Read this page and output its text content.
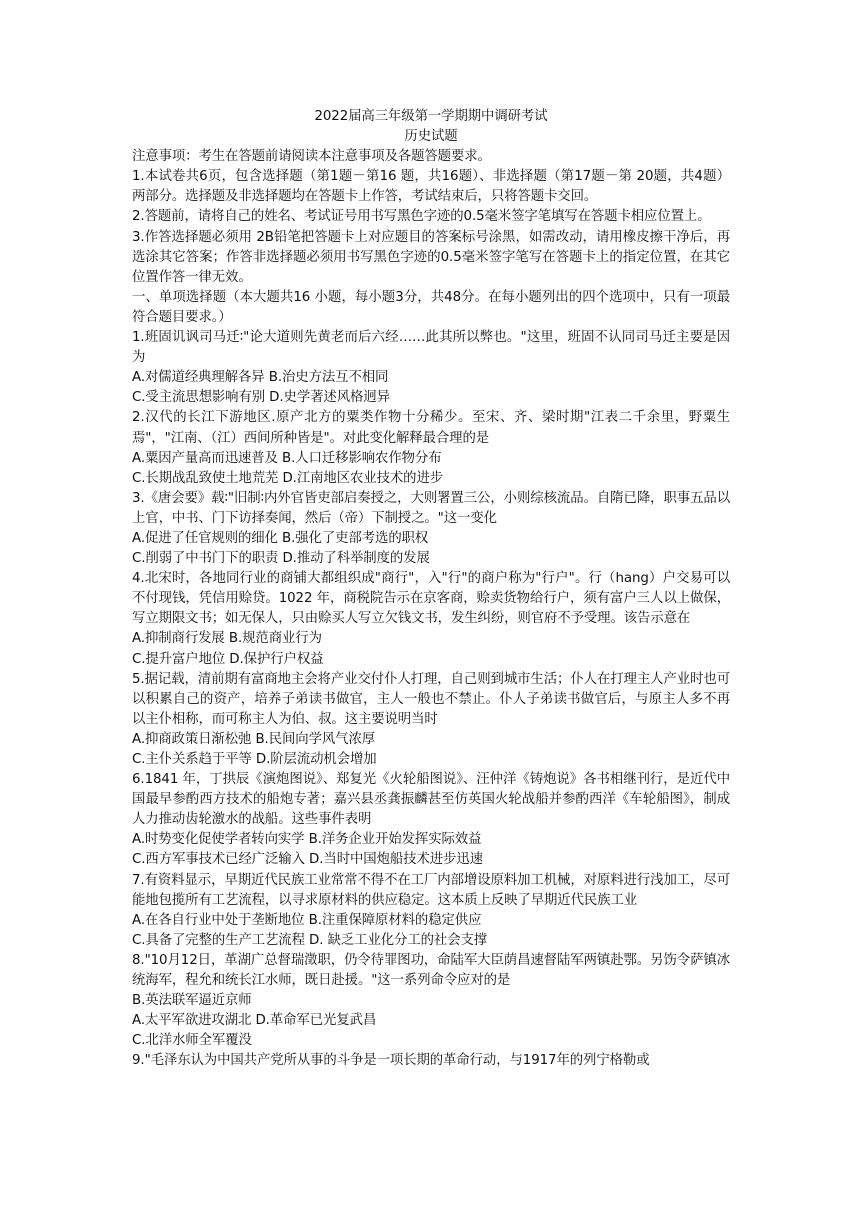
2022届高三年级第一学期期中调研考试
历史试题
注意事项：考生在答题前请阅读本注意事项及各题答题要求。
1.本试卷共6页，包含选择题（第1题－第16 题，共16题）、非选择题（第17题－第 20题，共4题）两部分。选择题及非选择题均在答题卡上作答，考试结束后，只将答题卡交回。
2.答题前，请将自己的姓名、考试证号用书写黑色字迹的0.5毫米签字笔填写在答题卡相应位置上。
3.作答选择题必须用 2B铅笔把答题卡上对应题目的答案标号涂黑，如需改动，请用橡皮擦干净后，再选涂其它答案；作答非选择题必须用书写黑色字迹的0.5毫米签字笔写在答题卡上的指定位置，在其它位置作答一律无效。
一、单项选择题（本大题共16 小题，每小题3分，共48分。在每小题列出的四个选项中，只有一项最符合题目要求。）
1.班固讥讽司马迁∶"论大道则先黄老而后六经……此其所以弊也。"这里，班固不认同司马迁主要是因为
A.对儒道经典理解各异 B.治史方法互不相同
C.受主流思想影响有别 D.史学著述风格迥异
2.汉代的长江下游地区.原产北方的粟类作物十分稀少。至宋、齐、梁时期"江表二千余里，野粟生焉"，"江南、（江）西间所种皆是"。对此变化解释最合理的是
A.粟因产量高而迅速普及 B.人口迁移影响农作物分布
C.长期战乱致使土地荒芜 D.江南地区农业技术的进步
3.《唐会要》载∶"旧制∶内外官皆吏部启奏授之，大则署置三公，小则综核流品。自隋已降，职事五品以上官，中书、门下访择奏闻，然后（帝）下制授之。"这一变化
A.促进了任官规则的细化 B.强化了吏部考选的职权
C.削弱了中书门下的职责 D.推动了科举制度的发展
4.北宋时，各地同行业的商铺大都组织成"商行"，入"行"的商户称为"行户"。行（hang）户交易可以不付现钱，凭信用赊贷。1022 年，商税院告示在京客商，赊卖货物给行户，须有富户三人以上做保，写立期限文书；如无保人，只由赊买人写立欠钱文书，发生纠纷，则官府不予受理。该告示意在
A.抑制商行发展 B.规范商业行为
C.提升富户地位 D.保护行户权益
5.据记载，清前期有富商地主会将产业交付仆人打理，自己则到城市生活；仆人在打理主人产业时也可以积累自己的资产，培养子弟读书做官，主人一般也不禁止。仆人子弟读书做官后，与原主人多不再以主仆相称，而可称主人为伯、叔。这主要说明当时
A.抑商政策日渐松弛 B.民间向学风气浓厚
C.主仆关系趋于平等 D.阶层流动机会增加
6.1841 年，丁拱辰《演炮图说》、郑复光《火轮船图说》、汪仲洋《铸炮说》各书相继刊行，是近代中国最早参酌西方技术的船炮专著；嘉兴县丞龚振麟甚至仿英国火轮战船并参酌西洋《车轮船图》，制成人力推动齿轮激水的战船。这些事件表明
A.时势变化促使学者转向实学 B.洋务企业开始发挥实际效益
C.西方军事技术已经广泛输入 D.当时中国炮船技术进步迅速
7.有资料显示，早期近代民族工业常常不得不在工厂内部增设原料加工机械，对原料进行浅加工，尽可能地包揽所有工艺流程，以寻求原材料的供应稳定。这本质上反映了早期近代民族工业
A.在各自行业中处于垄断地位 B.注重保障原材料的稳定供应
C.具备了完整的生产工艺流程 D. 缺乏工业化分工的社会支撑
8."10月12日，革湖广总督瑞澂职，仍令待罪图功，命陆军大臣荫昌速督陆军两镇赴鄂。另饬令萨镇冰统海军，程允和统长江水师，既日赴援。"这一系列命令应对的是
B.英法联军逼近京师
A.太平军欲进攻湖北 D.革命军已光复武昌
C.北洋水师全军覆没
9."毛泽东认为中国共产党所从事的斗争是一项长期的革命行动，与1917年的列宁格勒或
